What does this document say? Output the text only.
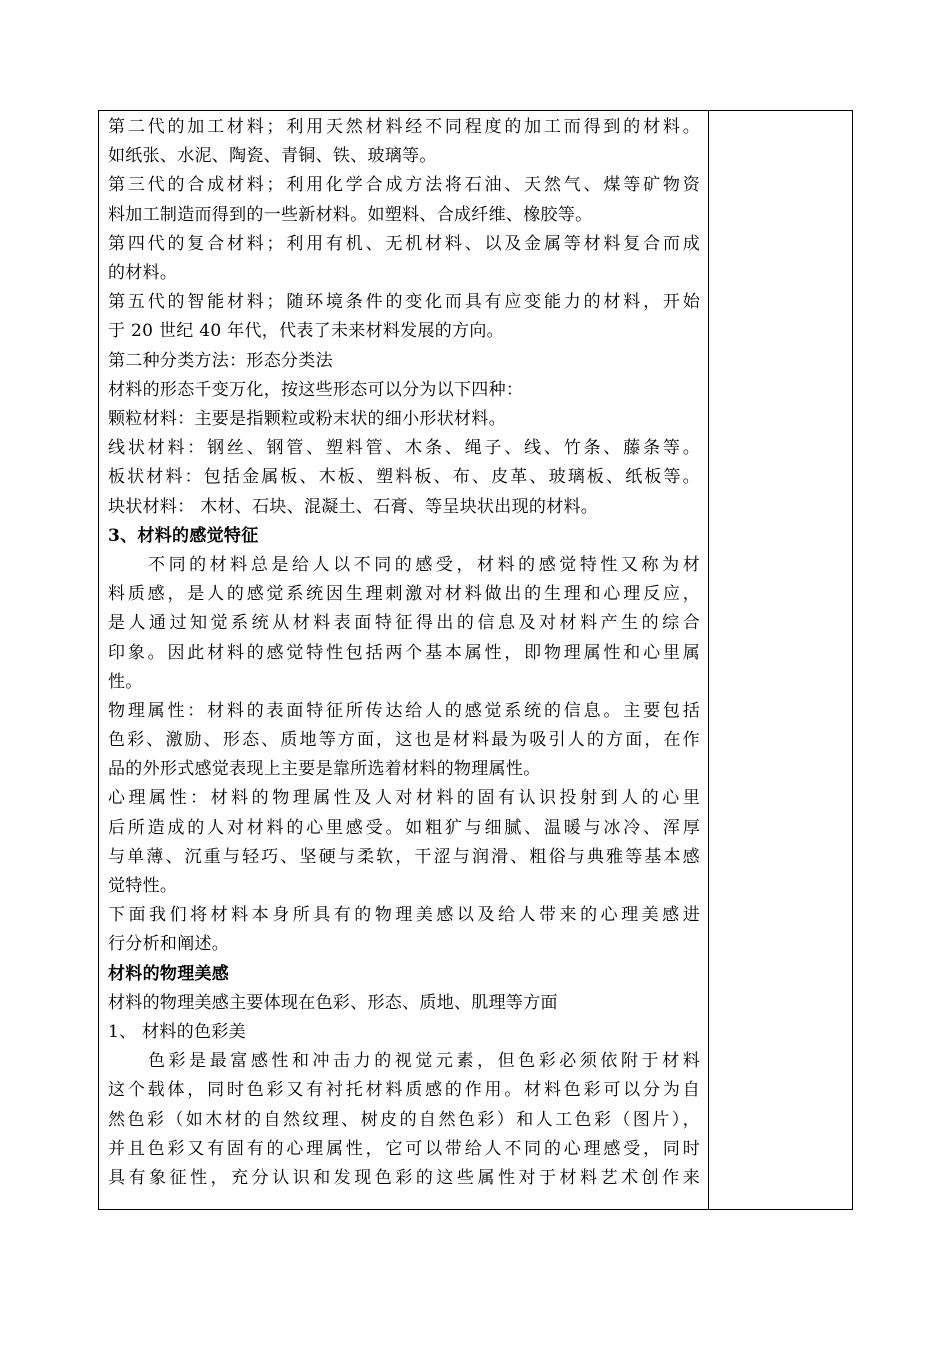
第二代的加工材料；利用天然材料经不同程度的加工而得到的材料。
如纸张、水泥、陶瓷、青铜、铁、玻璃等。
第三代的合成材料；利用化学合成方法将石油、天然气、煤等矿物资
料加工制造而得到的一些新材料。如塑料、合成纤维、橡胶等。
第四代的复合材料；利用有机、无机材料、以及金属等材料复合而成
的材料。
第五代的智能材料；随环境条件的变化而具有应变能力的材料，开始
于 20 世纪 40 年代，代表了未来材料发展的方向。
第二种分类方法：形态分类法
材料的形态千变万化，按这些形态可以分为以下四种：
颗粒材料：主要是指颗粒或粉末状的细小形状材料。
线状材料：钢丝、钢管、塑料管、木条、绳子、线、竹条、藤条等。
板状材料：包括金属板、木板、塑料板、布、皮革、玻璃板、纸板等。
块状材料： 木材、石块、混凝土、石膏、等呈块状出现的材料。
3、材料的感觉特征
不同的材料总是给人以不同的感受，材料的感觉特性又称为材
料质感，是人的感觉系统因生理刺激对材料做出的生理和心理反应，
是人通过知觉系统从材料表面特征得出的信息及对材料产生的综合
印象。因此材料的感觉特性包括两个基本属性，即物理属性和心里属
性。
物理属性：材料的表面特征所传达给人的感觉系统的信息。主要包括
色彩、激励、形态、质地等方面，这也是材料最为吸引人的方面，在作
品的外形式感觉表现上主要是靠所选着材料的物理属性。
心理属性：材料的物理属性及人对材料的固有认识投射到人的心里
后所造成的人对材料的心里感受。如粗犷与细腻、温暖与冰冷、浑厚
与单薄、沉重与轻巧、坚硬与柔软，干涩与润滑、粗俗与典雅等基本感
觉特性。
下面我们将材料本身所具有的物理美感以及给人带来的心理美感进
行分析和阐述。
材料的物理美感
材料的物理美感主要体现在色彩、形态、质地、肌理等方面
1、 材料的色彩美
色彩是最富感性和冲击力的视觉元素，但色彩必须依附于材料
这个载体，同时色彩又有衬托材料质感的作用。材料色彩可以分为自
然色彩（如木材的自然纹理、树皮的自然色彩）和人工色彩（图片），
并且色彩又有固有的心理属性，它可以带给人不同的心理感受，同时
具有象征性，充分认识和发现色彩的这些属性对于材料艺术创作来
